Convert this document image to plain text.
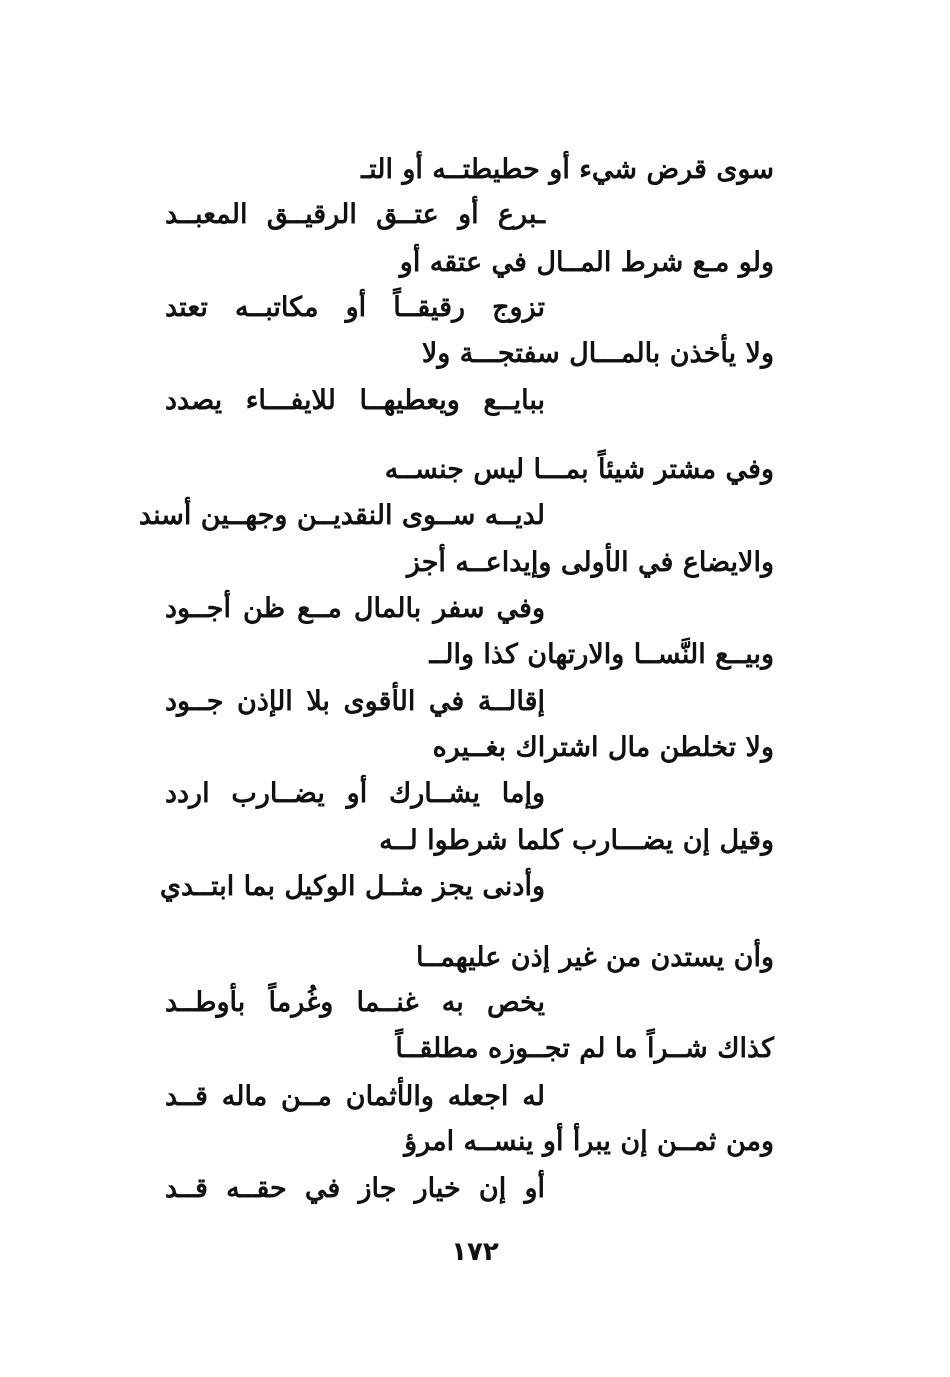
سوى قرض شيء أو حطيطتــه أو التـ
ـبرع أو عتــق الرقيــق المعبــد
ولو مـع شرط المــال في عتقه أو
تزوج رقيقــاً أو مكاتبــه تعتد
ولا يأخذن بالمـــال سفتجـــة ولا
ببايــع ويعطيهــا للايفـــاء يصدد
وفي مشتر شيئاً بمـــا ليس جنســه
لديــه ســوى النقديــن وجهــين أسند
والايضاع في الأولى وإيداعــه أجز
وفي سفر بالمال مــع ظن أجــود
وبيــع النَّســا والارتهان كذا والــ
إقالــة في الأقوى بلا الإذن جــود
ولا تخلطن مال اشتراك بغــيره
وإما يشــارك أو يضــارب اردد
وقيل إن يضـــارب كلما شرطوا لــه
وأدنى يجز مثــل الوكيل بما ابتــدي
وأن يستدن من غير إذن عليهمــا
يخص به غنــما وغُرماً بأوطــد
كذاك شــراً ما لم تجــوزه مطلقــاً
له اجعله والأثمان مــن ماله قــد
ومن ثمــن إن يبرأ أو ينســه امرؤ
أو إن خيار جاز في حقــه قــد
١٧٢
